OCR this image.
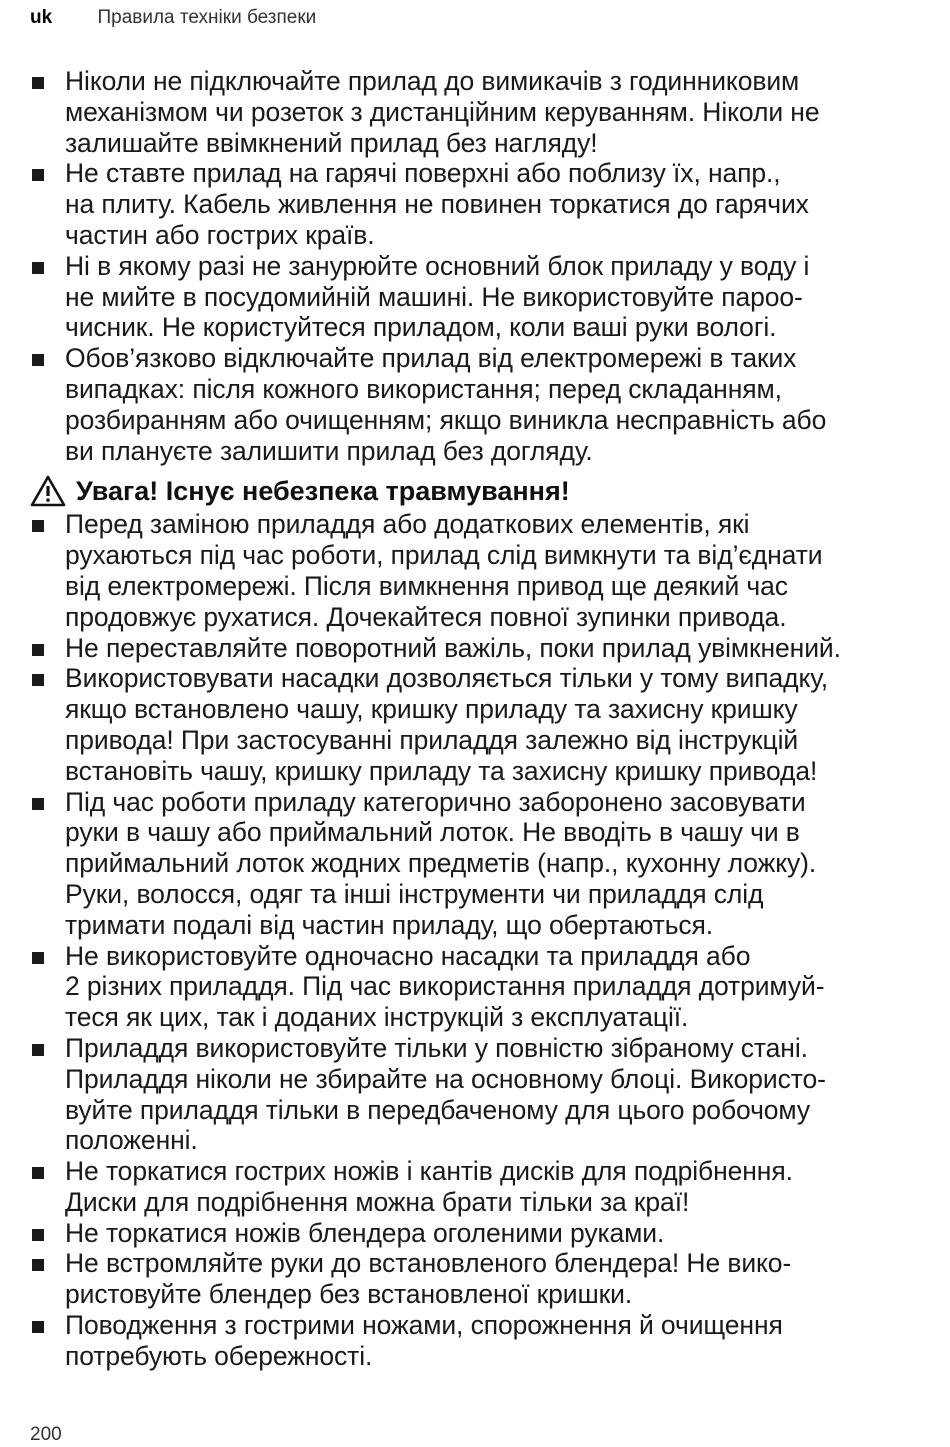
uk Правила техніки безпеки
Ніколи не підключайте прилад до вимикачів з годинниковим
механізмом чи розеток з дистанційним керуванням. Ніколи не
залишайте ввімкнений прилад без нагляду!
Не ставте прилад на гарячі поверхні або поблизу їх, напр.,
на плиту. Кабель живлення не повинен торкатися до гарячих
частин або гострих країв.
Ні в якому разі не занурюйте основний блок приладу у воду і
не мийте в посудомийній машині. Не використовуйте пароо-
чисник. Не користуйтеся приладом, коли ваші руки вологі.
Обов’язково відключайте прилад від електромережі в таких
випадках: після кожного використання; перед складанням,
розбиранням або очищенням; якщо виникла несправність або
ви плануєте залишити прилад без догляду.
Увага! Існує небезпека травмування!
Перед заміною приладдя або додаткових елементів, які
рухаються під час роботи, прилад слід вимкнути та від’єднати
від електромережі. Після вимкнення привод ще деякий час
продовжує рухатися. Дочекайтеся повної зупинки привода.
Не переставляйте поворотний важіль, поки прилад увімкнений.
Використовувати насадки дозволяється тільки у тому випадку,
якщо встановлено чашу, кришку приладу та захисну кришку
привода! При застосуванні приладдя залежно від інструкцій
встановіть чашу, кришку приладу та захисну кришку привода!
Під час роботи приладу категорично заборонено засовувати
руки в чашу або приймальний лоток. Не вводіть в чашу чи в
приймальний лоток жодних предметів (напр., кухонну ложку).
Руки, волосся, одяг та інші інструменти чи приладдя слід
тримати подалі від частин приладу, що обертаються.
Не використовуйте одночасно насадки та приладдя або
2 різних приладдя. Під час використання приладдя дотримуй-
теся як цих, так і доданих інструкцій з експлуатації.
Приладдя використовуйте тільки у повністю зібраному стані.
Приладдя ніколи не збирайте на основному блоці. Використо-
вуйте приладдя тільки в передбаченому для цього робочому
положенні.
Не торкатися гострих ножів і кантів дисків для подрібнення.
Диски для подрібнення можна брати тільки за краї!
Не торкатися ножів блендера оголеними руками.
Не встромляйте руки до встановленого блендера! Не вико-
ристовуйте блендер без встановленої кришки.
Поводження з гострими ножами, спорожнення й очищення
потребують обережності.
200
